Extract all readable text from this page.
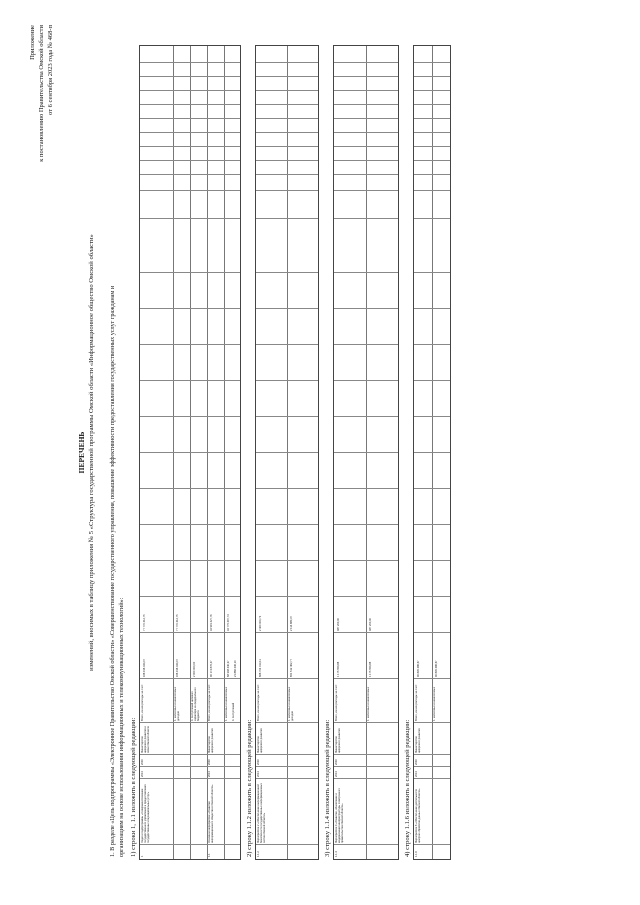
Приложение к постановлению Правительства Омской области от 6 сентября 2023 года № 468-п
ПЕРЕЧЕНЬ изменений, вносимых в таблицу приложения № 5 «Структура государственной программы Омской области «Информационное общество Омской области» 1. В разделе «Цель подпрограммы «Электронное Правительство Омской области» «Совершенствование государственного управления, повышение эффективности предоставления государственных услуг гражданам и организациям на основе использования информационных и телекоммуникационных технологий»: 1) строки 1, 1.1 изложить в следующей редакции: 1
Задача подпрограммы «Совершенствование государственного управления и предоставления государственных и муниципальных услуг»
2014
2030
Министерство цифрового развития и связи Омской области
Всего, из них расходы за счет:
168 916 044,07
77 770 412,75
1. налоговых и неналоговых доходов
166 916 044,07
77 770 412,75
4. поступлений целевого характера из федерального бюджета
2 000 000,00
1.1
Основное мероприятие «Развитие информационного общества в Омской области»
2014
2030
Министерство цифрового развития
Всего, из них расходы за счет:
90 174 876,47
32 919 427,76
1. налоговых и неналоговых
68 308 440,37
32 775 497,74
4. поступлений
21 866 436,10
2) строку 1.1.2 изложить в следующей редакции: 1.1.2
Мероприятие 2 «Обеспечение информационной безопасности государственных информационных систем Омской области»
2014
2030
Министерство цифрового развития
Всего, из них расходы за счет:
668 704 013,11
2 400 000,73
1. налоговых и неналоговых доходов
651 512 462,77
2 114 880,37
3) строку 1.1.4 изложить в следующей редакции: 1.1.4
Мероприятие 4 «Развитие, обновление и модернизация инфраструктуры электронного правительства Омской области»
2014
2030
Министерство цифрового развития
Всего, из них расходы за счет:
1 175 559,88
487 200,00
1. налоговых и неналоговых
1 175 559,88
487 200,00
4) строку 1.1.6 изложить в следующей редакции: 1.1.6
Мероприятие 6 «Обеспечение деятельности центров обработки данных Омской области»
2014
2030
Министерство цифрового развития
Всего, из них расходы за счет:
90 835 486,67
1. налоговых и неналоговых
90 835 486,67
